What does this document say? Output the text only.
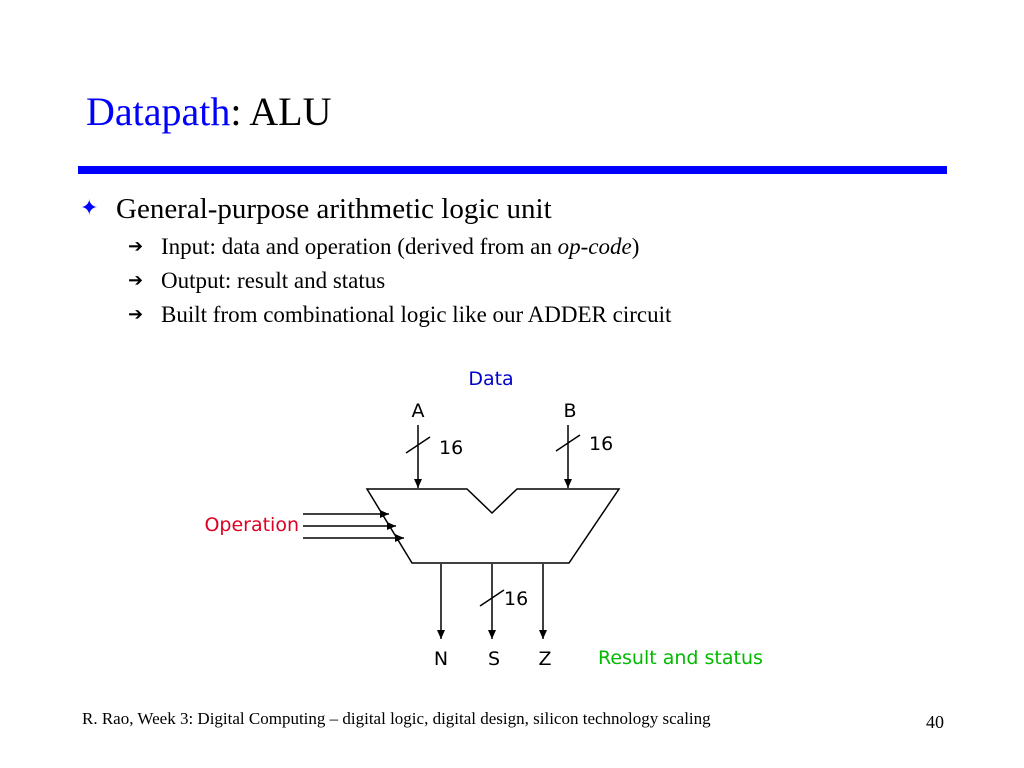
Datapath: ALU
✦ General-purpose arithmetic logic unit
➔ Input: data and operation (derived from an op-code)
➔ Output: result and status
➔ Built from combinational logic like our ADDER circuit
Data
A	B
16	16
Operation
16
N S Z Result and status
R. Rao, Week 3: Digital Computing – digital logic, digital design, silicon technology scaling	40
